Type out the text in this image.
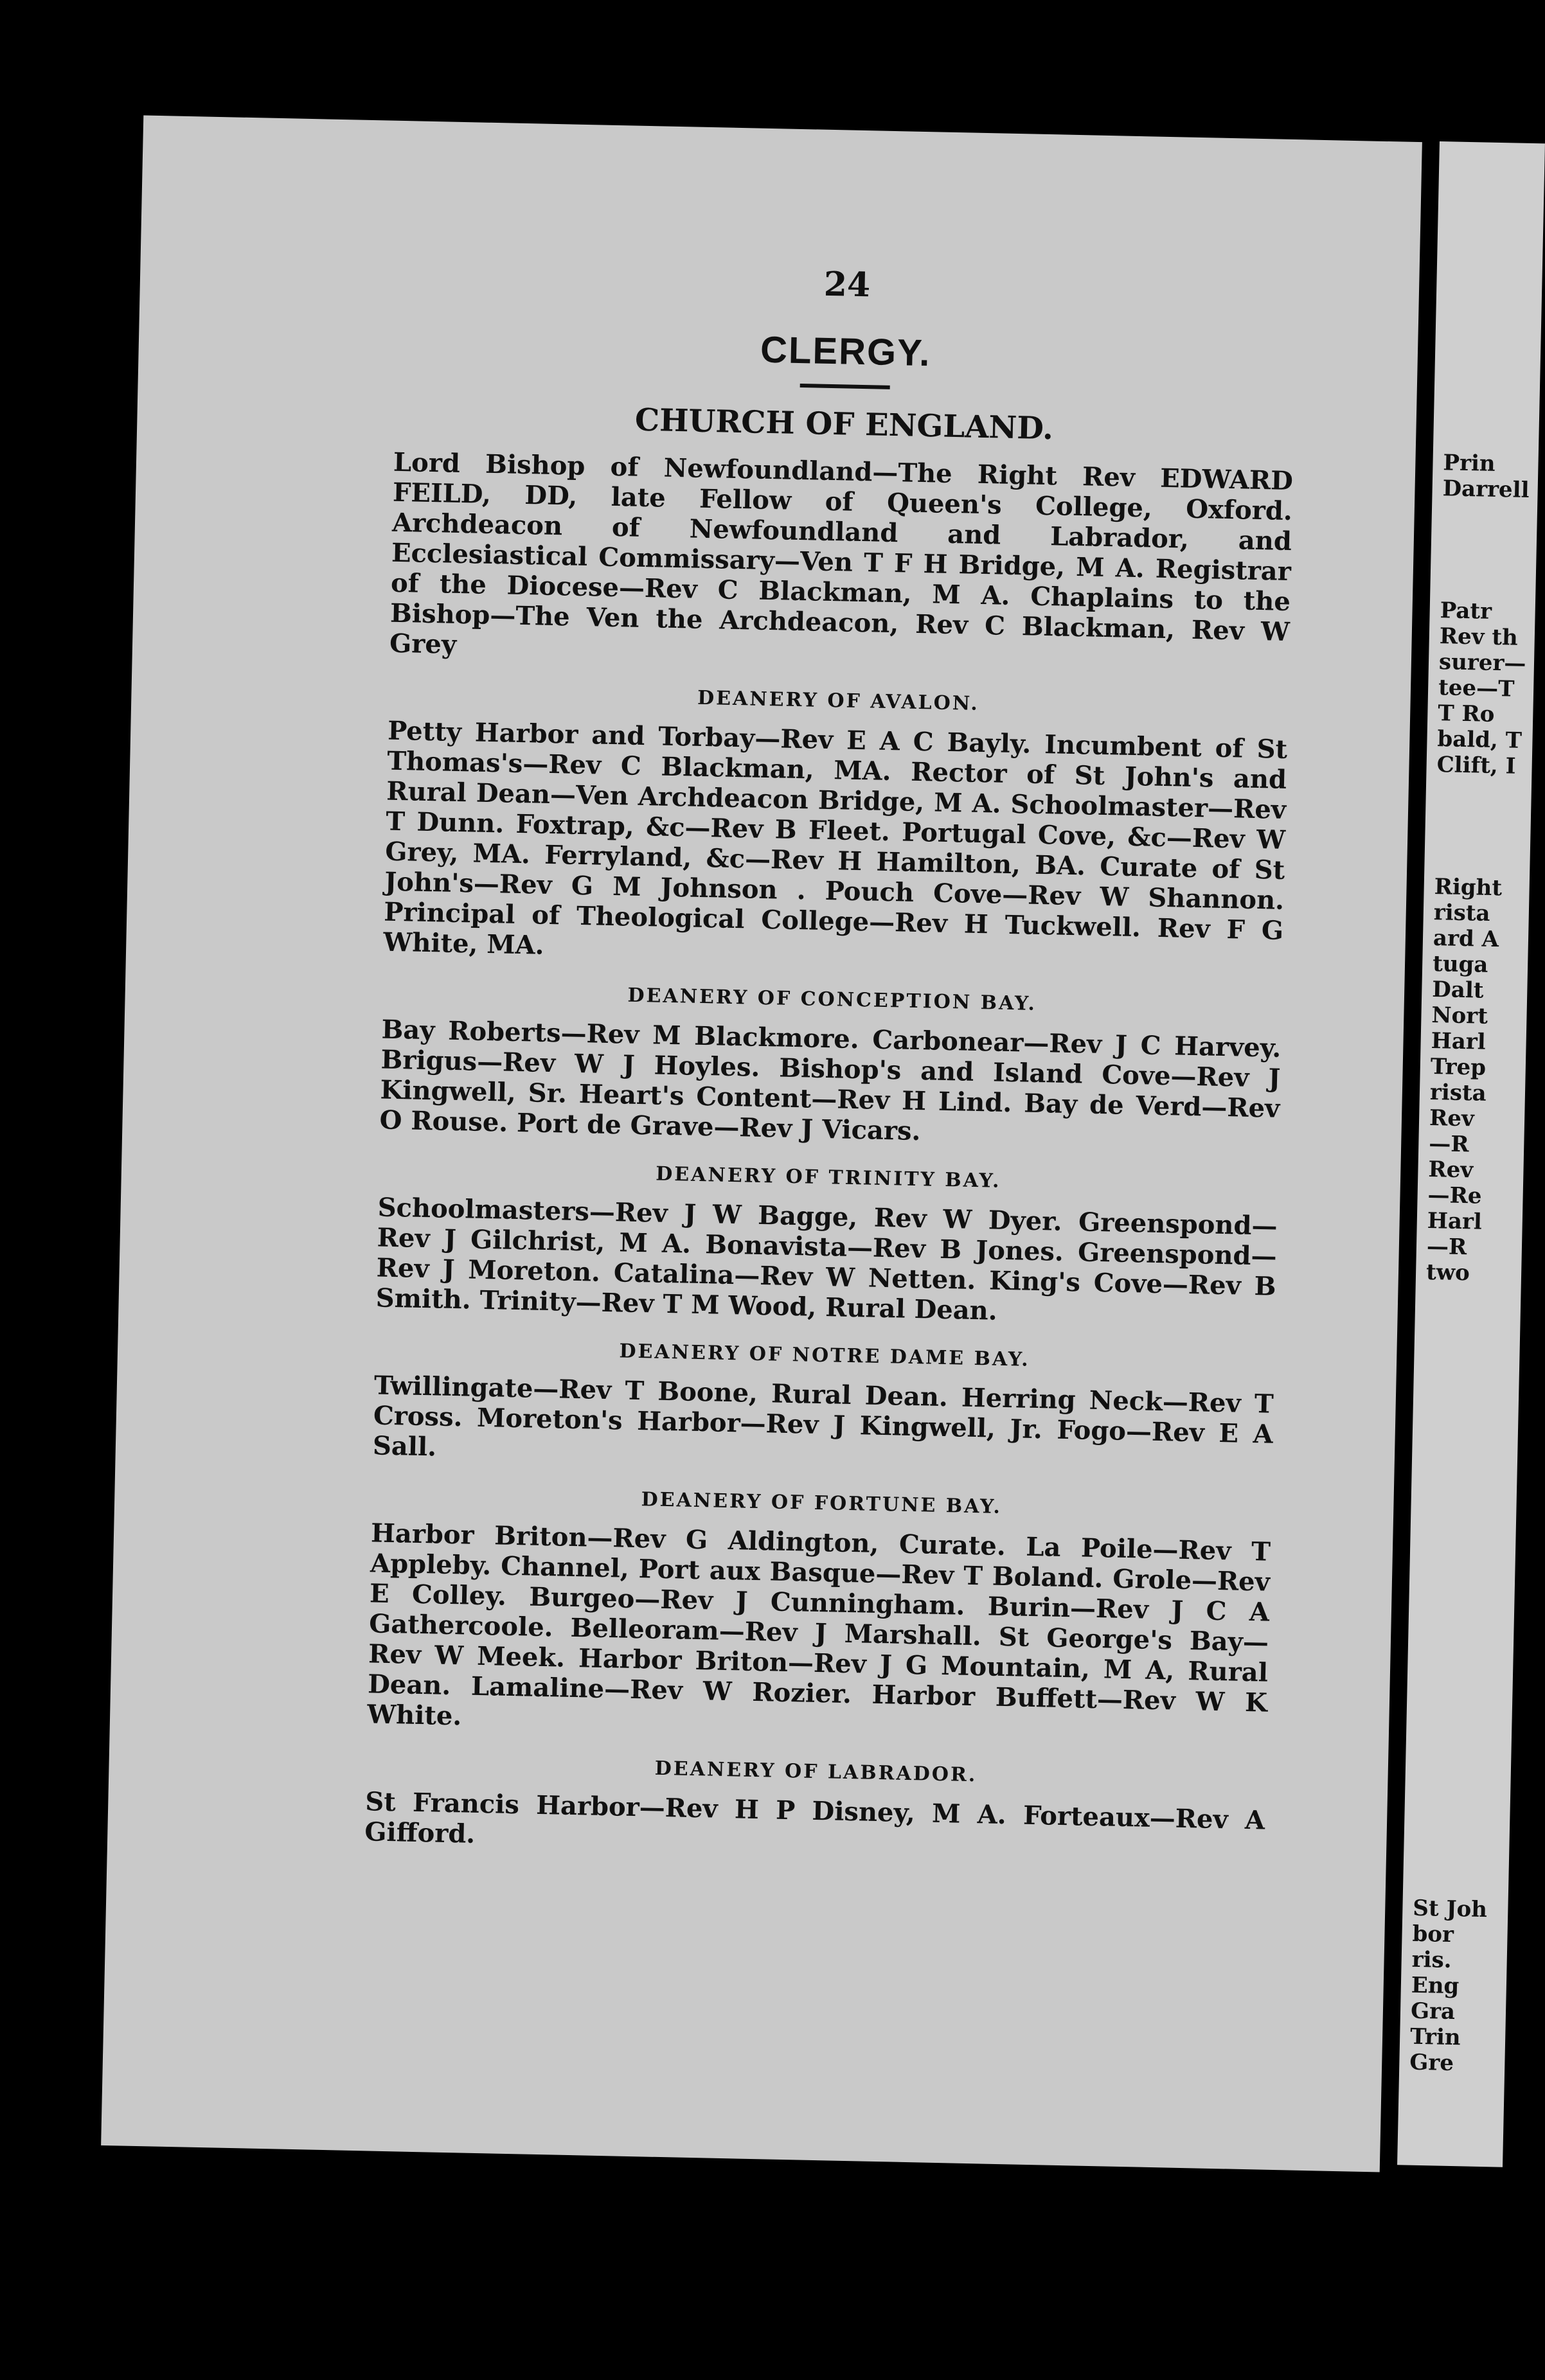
24
CLERGY.
CHURCH OF ENGLAND.

Lord Bishop of Newfoundland—The Right Rev EDWARD FEILD, DD, late Fellow of Queen's College, Oxford. Archdeacon of Newfoundland and Labrador, and Ecclesiastical Commissary—Ven T F H Bridge, M A. Registrar of the Diocese—Rev C Blackman, M A. Chaplains to the Bishop—The Ven the Archdeacon, Rev C Blackman, Rev W Grey

DEANERY OF AVALON.

Petty Harbor and Torbay—Rev E A C Bayly. Incumbent of St Thomas's—Rev C Blackman, MA. Rector of St John's and Rural Dean—Ven Archdeacon Bridge, M A. Schoolmaster—Rev T Dunn. Foxtrap, &c—Rev B Fleet. Portugal Cove, &c—Rev W Grey, MA. Ferryland, &c—Rev H Hamilton, BA. Curate of St John's—Rev G M Johnson . Pouch Cove—Rev W Shannon. Principal of Theological College—Rev H Tuckwell. Rev F G White, MA.

DEANERY OF CONCEPTION BAY.

Bay Roberts—Rev M Blackmore. Carbonear—Rev J C Harvey. Brigus—Rev W J Hoyles. Bishop's and Island Cove—Rev J Kingwell, Sr. Heart's Content—Rev H Lind. Bay de Verd—Rev O Rouse. Port de Grave—Rev J Vicars.

DEANERY OF TRINITY BAY.

Schoolmasters—Rev J W Bagge, Rev W Dyer. Greenspond—Rev J Gilchrist, M A. Bonavista—Rev B Jones. Greenspond—Rev J Moreton. Catalina—Rev W Netten. King's Cove—Rev B Smith. Trinity—Rev T M Wood, Rural Dean.

DEANERY OF NOTRE DAME BAY.

Twillingate—Rev T Boone, Rural Dean. Herring Neck—Rev T Cross. Moreton's Harbor—Rev J Kingwell, Jr. Fogo—Rev E A Sall.

DEANERY OF FORTUNE BAY.

Harbor Briton—Rev G Aldington, Curate. La Poile—Rev T Appleby. Channel, Port aux Basque—Rev T Boland. Grole—Rev E Colley. Burgeo—Rev J Cunningham. Burin—Rev J C A Gathercoole. Belleoram—Rev J Marshall. St George's Bay—Rev W Meek. Harbor Briton—Rev J G Mountain, M A, Rural Dean. Lamaline—Rev W Rozier. Harbor Buffett—Rev W K White.

DEANERY OF LABRADOR.

St Francis Harbor—Rev H P Disney, M A. Forteaux—Rev A Gifford.

Prin
Darrell
Patr
Rev th
surer—
tee—T
T Ro
bald, T
Clift, I
Right
rista
ard A
tuga
Dalt
Nort
Harl
Trep
rista
Rev
—R
Rev
—Re
Harl
—R
two
St Joh
bor
ris.
Eng
Gra
Trin
Gre
